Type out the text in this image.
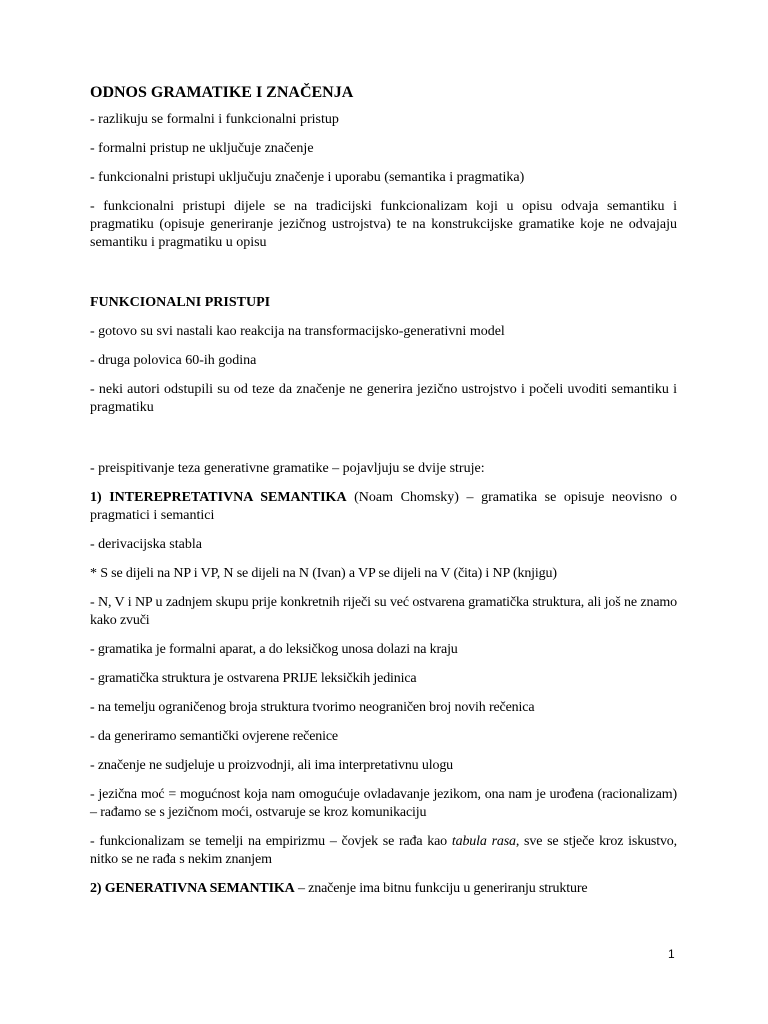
ODNOS GRAMATIKE I ZNAČENJA

- razlikuju se formalni i funkcionalni pristup

- formalni pristup ne uključuje značenje

- funkcionalni pristupi uključuju značenje i uporabu (semantika i pragmatika)

- funkcionalni pristupi dijele se na tradicijski funkcionalizam koji u opisu odvaja semantiku i pragmatiku (opisuje generiranje jezičnog ustrojstva) te na konstrukcijske gramatike koje ne odvajaju semantiku i pragmatiku u opisu

FUNKCIONALNI PRISTUPI

- gotovo su svi nastali kao reakcija na transformacijsko-generativni model

- druga polovica 60-ih godina

- neki autori odstupili su od teze da značenje ne generira jezično ustrojstvo i počeli uvoditi semantiku i pragmatiku

- preispitivanje teza generativne gramatike – pojavljuju se dvije struje:

1) INTEREPRETATIVNA SEMANTIKA (Noam Chomsky) – gramatika se opisuje neovisno o pragmatici i semantici

- derivacijska stabla

* S se dijeli na NP i VP, N se dijeli na N (Ivan) a VP se dijeli na V (čita) i NP (knjigu)

- N, V i NP u zadnjem skupu prije konkretnih riječi su već ostvarena gramatička struktura, ali još ne znamo kako zvuči

- gramatika je formalni aparat, a do leksičkog unosa dolazi na kraju

- gramatička struktura je ostvarena PRIJE leksičkih jedinica

- na temelju ograničenog broja struktura tvorimo neograničen broj novih rečenica

- da generiramo semantički ovjerene rečenice

- značenje ne sudjeluje u proizvodnji, ali ima interpretativnu ulogu

- jezična moć = mogućnost koja nam omogućuje ovladavanje jezikom, ona nam je urođena (racionalizam) – rađamo se s jezičnom moći, ostvaruje se kroz komunikaciju

- funkcionalizam se temelji na empirizmu – čovjek se rađa kao tabula rasa, sve se stječe kroz iskustvo, nitko se ne rađa s nekim znanjem

2) GENERATIVNA SEMANTIKA – značenje ima bitnu funkciju u generiranju strukture

1
